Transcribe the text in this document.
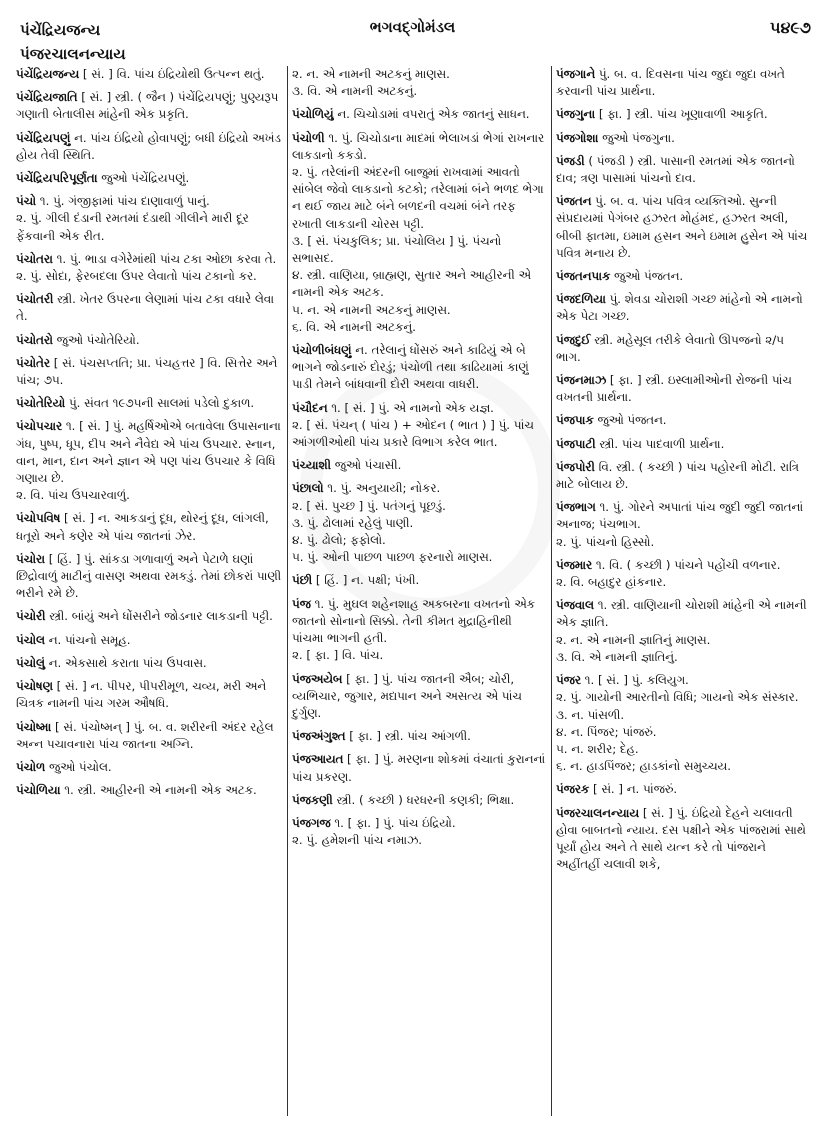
પંચેંદ્રિયજન્ય
પંજરચાલનન્યાય
ભગવદ્ગોમંડલ	૫૪૯૭

પંચેંદ્રિયજન્ય [ સં. ] વિ. પાંચ ઇંદ્રિયોથી ઉત્પન્ન થતું.

પંચેંદ્રિયજાતિ [ સં. ] સ્ત્રી. ( જૈન ) પંચેંદ્રિયપણું; પુણ્યરૂપ ગણાતી બેતાલીસ માંહેની એક પ્રકૃતિ.

પંચેંદ્રિયપણું ન. પાંચ ઇંદ્રિયો હોવાપણું; બધી ઇંદ્રિયો અખંડ હોય તેવી સ્થિતિ.

પંચેંદ્રિયપરિપૂર્ણતા જુઓ પંચેંદ્રિયપણું.

પંચો ૧. પું. ગંજીફામાં પાંચ દાણાવાળું પાનું.
૨. પું. ગીલી દંડાની રમતમાં દંડાથી ગીલીને મારી દૂર ફેંકવાની એક રીત.

પંચોતરા ૧. પું. ભાડા વગેરેમાંથી પાંચ ટકા ઓછા કરવા તે.
૨. પું. સોદા, ફેરબદલા ઉપર લેવાતો પાંચ ટકાનો કર.

પંચોતરી સ્ત્રી. ખેતર ઉપરના લેણામાં પાંચ ટકા વધારે લેવા તે.

પંચોતરો જુઓ પંચોતેરિયો.

પંચોતેર [ સં. પંચસપ્તતિ; પ્રા. પંચહત્તર ] વિ. સિત્તેર અને પાંચ; ૭૫.

પંચોતેરિયો પું. સંવત ૧૯૭૫ની સાલમાં પડેલો દુકાળ.

પંચોપચાર ૧. [ સં. ] પું. મહર્ષિઓએ બતાવેલા ઉપાસનાના ગંધ, પુષ્પ, ધૂપ, દીપ અને નૈવેદ્ય એ પાંચ ઉપચાર. સ્નાન, વાન, માન, દાન અને જ્ઞાન એ પણ પાંચ ઉપચાર કે વિધિ ગણાય છે.
૨. વિ. પાંચ ઉપચારવાળું.

પંચોપવિષ [ સં. ] ન. આકડાનું દૂધ, થોરનું દૂધ, લાંગલી, ધતૂરો અને કણેર એ પાંચ જાતનાં ઝેર.

પંચોરા [ હિં. ] પું. સાંકડા ગળાવાળું અને પેટાળે ઘણાં છિદ્રોવાળું માટીનું વાસણ અથવા રમકડું. તેમાં છોકરાં પાણી ભરીને રમે છે.

પંચોરી સ્ત્રી. બાંયું અને ધોંસરીને જોડનાર લાકડાની પટ્ટી.

પંચોલ ન. પાંચનો સમૂહ.

પંચોલું ન. એકસાથે કરાતા પાંચ ઉપવાસ.

પંચોષણ [ સં. ] ન. પીપર, પીપરીમૂળ, ચવ્ય, મરી અને ચિત્રક નામની પાંચ ગરમ ઔષધિ.

પંચોષ્મા [ સં. પંચોષ્મન્ ] પું. બ. વ. શરીરની અંદર રહેલ અન્ન પચાવનારા પાંચ જાતના અગ્નિ.

પંચોળ જુઓ પંચોલ.

પંચોળિયા ૧. સ્ત્રી. આહીરની એ નામની એક અટક.

૨. ન. એ નામની અટકનું માણસ.
૩. વિ. એ નામની અટકનું.

પંચોળિયું ન. ચિચોડામાં વપરાતું એક જાતનું સાધન.

પંચોળી ૧. પું. ચિચોડાના માદમાં ભેલાખડાં ભેગાં રાખનાર લાકડાનો કકડો.
૨. પું. તરેલાંની અંદરની બાજુમાં રાખવામાં આવતો સાંબેલ જેવો લાકડાનો કટકો; તરેલામાં બંને ભળદ ભેગા ન થઈ જાય માટે બંને બળદની વચમાં બંને તરફ રખાતી લાકડાની ચોરસ પટ્ટી.
૩. [ સં. પંચકુલિક; પ્રા. પંચોલિય ] પું. પંચનો સભાસદ.
૪. સ્ત્રી. વાણિયા, બ્રાહ્મણ, સુતાર અને આહીરની એ નામની એક અટક.
૫. ન. એ નામની અટકનું માણસ.
૬. વિ. એ નામની અટકનું.

પંચોળીબંધણું ન. તરેલાનું ધોંસરું અને કાઢિયું એ બે ભાગને જોડનારું દોરડું; પંચોળી તથા કાઢિયામાં કાણું પાડી તેમને બાંધવાની દોરી અથવા વાધરી.

પંચૌદન ૧. [ સં. ] પું. એ નામનો એક યજ્ઞ.
૨. [ સં. પંચન્ ( પાંચ ) + ઓદન ( ભાત ) ] પું. પાંચ આંગળીઓથી પાંચ પ્રકારે વિભાગ કરેલ ભાત.

પંચ્યાશી જુઓ પંચાસી.

પંછાલો ૧. પું. અનુયાયી; નોકર.
૨. [ સં. પુચ્છ ] પું. પતંગનું પૂછડું.
૩. પું. ઢોલામાં રહેલું પાણી.
૪. પું. ઢોલો; ફફોલો.
૫. પું. ઓની પાછળ પાછળ ફરનારો માણસ.

પંછી [ હિં. ] ન. પક્ષી; પંખી.

પંજ ૧. પું. મુઘલ શહેનશાહ અકબરના વખતનો એક જાતનો સોનાનો સિક્કો. તેની કીમત મુદ્રાહિનીથી પાંચમા ભાગની હતી.
૨. [ ફા. ] વિ. પાંચ.

પંજઅયેબ [ ફા. ] પું. પાંચ જાતની ઐબ; ચોરી, વ્યભિચાર, જુગાર, મદ્યપાન અને અસત્ય એ પાંચ દુર્ગુણ.

પંજઅંગુશ્ત [ ફા. ] સ્ત્રી. પાંચ આંગળી.

પંજઆયત [ ફા. ] પું. મરણના શોકમાં વંચાતાં કુરાનનાં પાંચ પ્રકરણ.

પંજકણી સ્ત્રી. ( કચ્છી ) ધરધરની કણકી; ભિક્ષા.

પંજગજ ૧. [ ફા. ] પું. પાંચ ઇંદ્રિયો.
૨. પું. હમેશની પાંચ નમાઝ.

પંજગાને પું. બ. વ. દિવસના પાંચ જુદા જુદા વખતે કરવાની પાંચ પ્રાર્થના.

પંજગુના [ ફા. ] સ્ત્રી. પાંચ ખૂણાવાળી આકૃતિ.

પંજગોશા જુઓ પંજગુના.

પંજડી ( પંજડી ) સ્ત્રી. પાસાની રમતમાં એક જાતનો દાવ; ત્રણ પાસામાં પાંચનો દાવ.

પંજતન પું. બ. વ. પાંચ પવિત્ર વ્યક્તિઓ. સુન્ની સંપ્રદાયમાં પેગંબર હઝરત મોહંમદ, હઝરત અલી, બીબી ફાતમા, ઇમામ હસન અને ઇમામ હુસેન એ પાંચ પવિત્ર મનાય છે.

પંજતનપાક જુઓ પંજતન.

પંજદળિયા પું. શેવડા ચોરાશી ગચ્છ માંહેનો એ નામનો એક પેટા ગચ્છ.

પંજદુઈ સ્ત્રી. મહેસૂલ તરીકે લેવાતો ઊપજનો ૨/૫ ભાગ.

પંજનમાઝ [ ફા. ] સ્ત્રી. ઇસ્લામીઓની રોજની પાંચ વખતની પ્રાર્થના.

પંજપાક જુઓ પંજતન.

પંજપાટી સ્ત્રી. પાંચ પાદવાળી પ્રાર્થના.

પંજપોરી વિ. સ્ત્રી. ( કચ્છી ) પાંચ પહોરની મોટી. રાત્રિ માટે બોલાય છે.

પંજભાગ ૧. પું. ગોરને અપાતાં પાંચ જુદી જુદી જાતનાં અનાજ; પંચભાગ.
૨. પું. પાંચનો હિસ્સો.

પંજમાર ૧. વિ. ( કચ્છી ) પાંચને પહોંચી વળનાર.
૨. વિ. બહાદુર હાંકનાર.

પંજવાલ ૧. સ્ત્રી. વાણિયાની ચોરાશી માંહેની એ નામની એક જ્ઞાતિ.
૨. ન. એ નામની જ્ઞાતિનું માણસ.
૩. વિ. એ નામની જ્ઞાતિનું.

પંજર ૧. [ સં. ] પું. કલિયુગ.
૨. પું. ગાયોની આરતીનો વિધિ; ગાયનો એક સંસ્કાર.
૩. ન. પાંસળી.
૪. ન. પિંજર; પાંજરું.
૫. ન. શરીર; દેહ.
૬. ન. હાડપિંજર; હાડકાંનો સમુચ્ચય.

પંજરક [ સં. ] ન. પાંજરું.

પંજરચાલનન્યાય [ સં. ] પું. ઇંદ્રિયો દેહને ચલાવતી હોવા બાબતનો ન્યાય. દસ પક્ષીને એક પાંજરામાં સાથે પૂર્યાં હોય અને તે સાથે યત્ન કરે તો પાંજરાને અહીંતહીં ચલાવી શકે,
